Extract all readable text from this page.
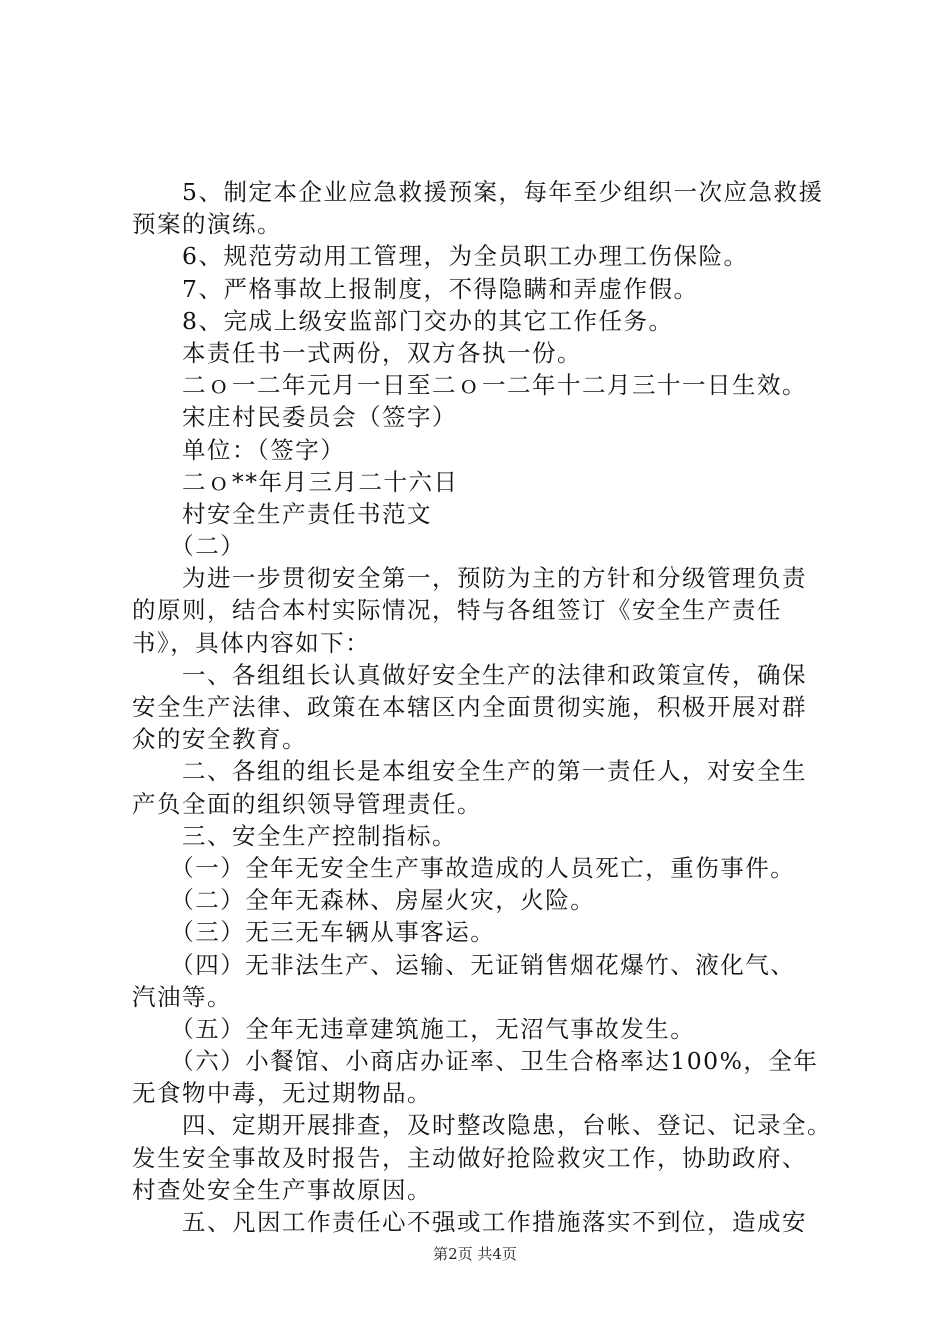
　　5、制定本企业应急救援预案，每年至少组织一次应急救援
预案的演练。
　　6、规范劳动用工管理，为全员职工办理工伤保险。
　　7、严格事故上报制度，不得隐瞒和弄虚作假。
　　8、完成上级安监部门交办的其它工作任务。
　　本责任书一式两份，双方各执一份。
　　二ｏ一二年元月一日至二ｏ一二年十二月三十一日生效。
　　宋庄村民委员会（签字）
　　单位：（签字）
　　二ｏ**年月三月二十六日
　　村安全生产责任书范文
　　（二）
　　为进一步贯彻安全第一，预防为主的方针和分级管理负责
的原则，结合本村实际情况，特与各组签订《安全生产责任
书》，具体内容如下：
　　一、各组组长认真做好安全生产的法律和政策宣传，确保
安全生产法律、政策在本辖区内全面贯彻实施，积极开展对群
众的安全教育。
　　二、各组的组长是本组安全生产的第一责任人，对安全生
产负全面的组织领导管理责任。
　　三、安全生产控制指标。
　　（一）全年无安全生产事故造成的人员死亡，重伤事件。
　　（二）全年无森林、房屋火灾，火险。
　　（三）无三无车辆从事客运。
　　（四）无非法生产、运输、无证销售烟花爆竹、液化气、
汽油等。
　　（五）全年无违章建筑施工，无沼气事故发生。
　　（六）小餐馆、小商店办证率、卫生合格率达100%，全年
无食物中毒，无过期物品。
　　四、定期开展排查，及时整改隐患，台帐、登记、记录全。
发生安全事故及时报告，主动做好抢险救灾工作，协助政府、
村查处安全生产事故原因。
　　五、凡因工作责任心不强或工作措施落实不到位，造成安
第2页 共4页
